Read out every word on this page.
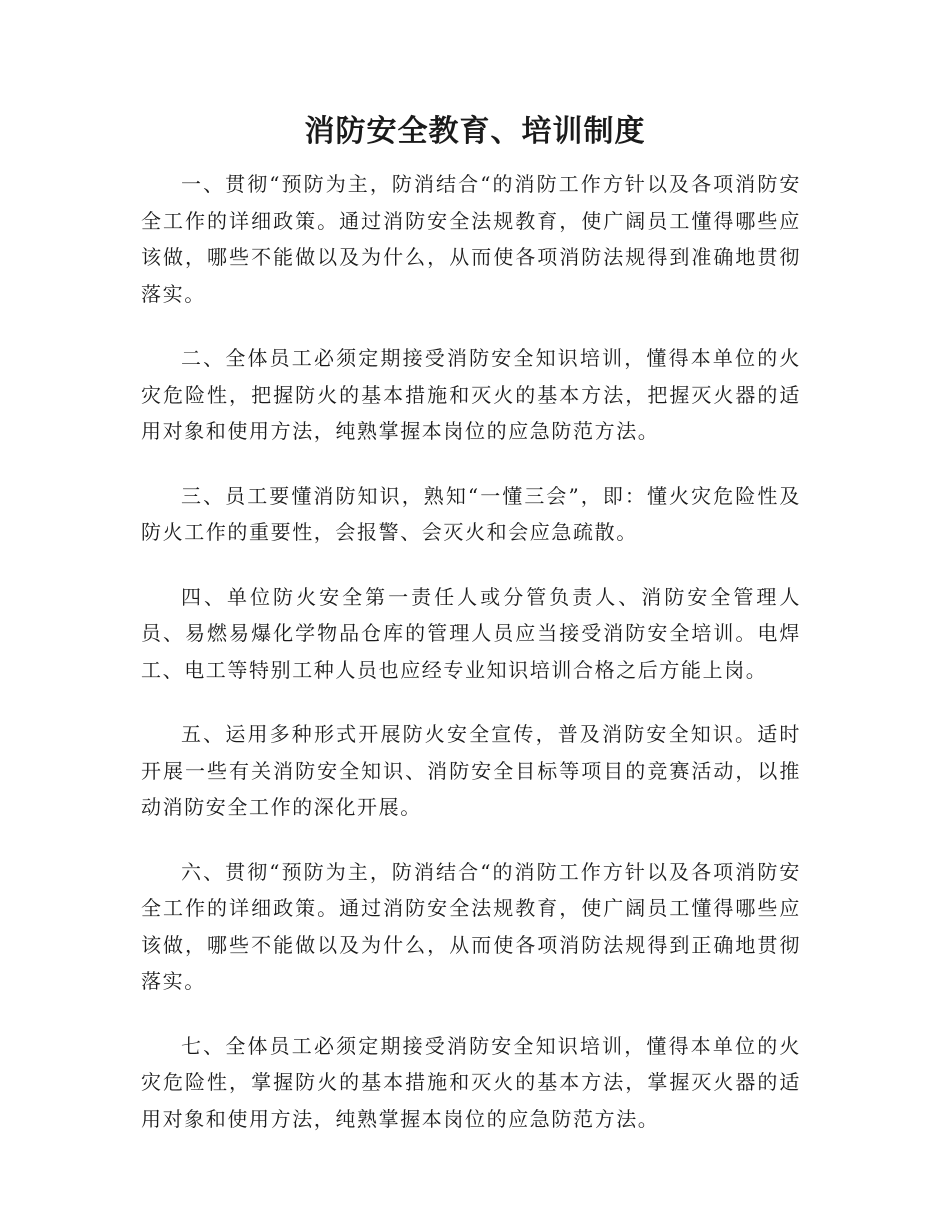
消防安全教育、培训制度

一、贯彻“预防为主，防消结合“的消防工作方针以及各项消防安全工作的详细政策。通过消防安全法规教育，使广阔员工懂得哪些应该做，哪些不能做以及为什么，从而使各项消防法规得到准确地贯彻落实。

二、全体员工必须定期接受消防安全知识培训，懂得本单位的火灾危险性，把握防火的基本措施和灭火的基本方法，把握灭火器的适用对象和使用方法，纯熟掌握本岗位的应急防范方法。

三、员工要懂消防知识，熟知“一懂三会”，即：懂火灾危险性及防火工作的重要性，会报警、会灭火和会应急疏散。

四、单位防火安全第一责任人或分管负责人、消防安全管理人员、易燃易爆化学物品仓库的管理人员应当接受消防安全培训。电焊工、电工等特别工种人员也应经专业知识培训合格之后方能上岗。

五、运用多种形式开展防火安全宣传，普及消防安全知识。适时开展一些有关消防安全知识、消防安全目标等项目的竞赛活动，以推动消防安全工作的深化开展。

六、贯彻“预防为主，防消结合“的消防工作方针以及各项消防安全工作的详细政策。通过消防安全法规教育，使广阔员工懂得哪些应该做，哪些不能做以及为什么，从而使各项消防法规得到正确地贯彻落实。

七、全体员工必须定期接受消防安全知识培训，懂得本单位的火灾危险性，掌握防火的基本措施和灭火的基本方法，掌握灭火器的适用对象和使用方法，纯熟掌握本岗位的应急防范方法。
